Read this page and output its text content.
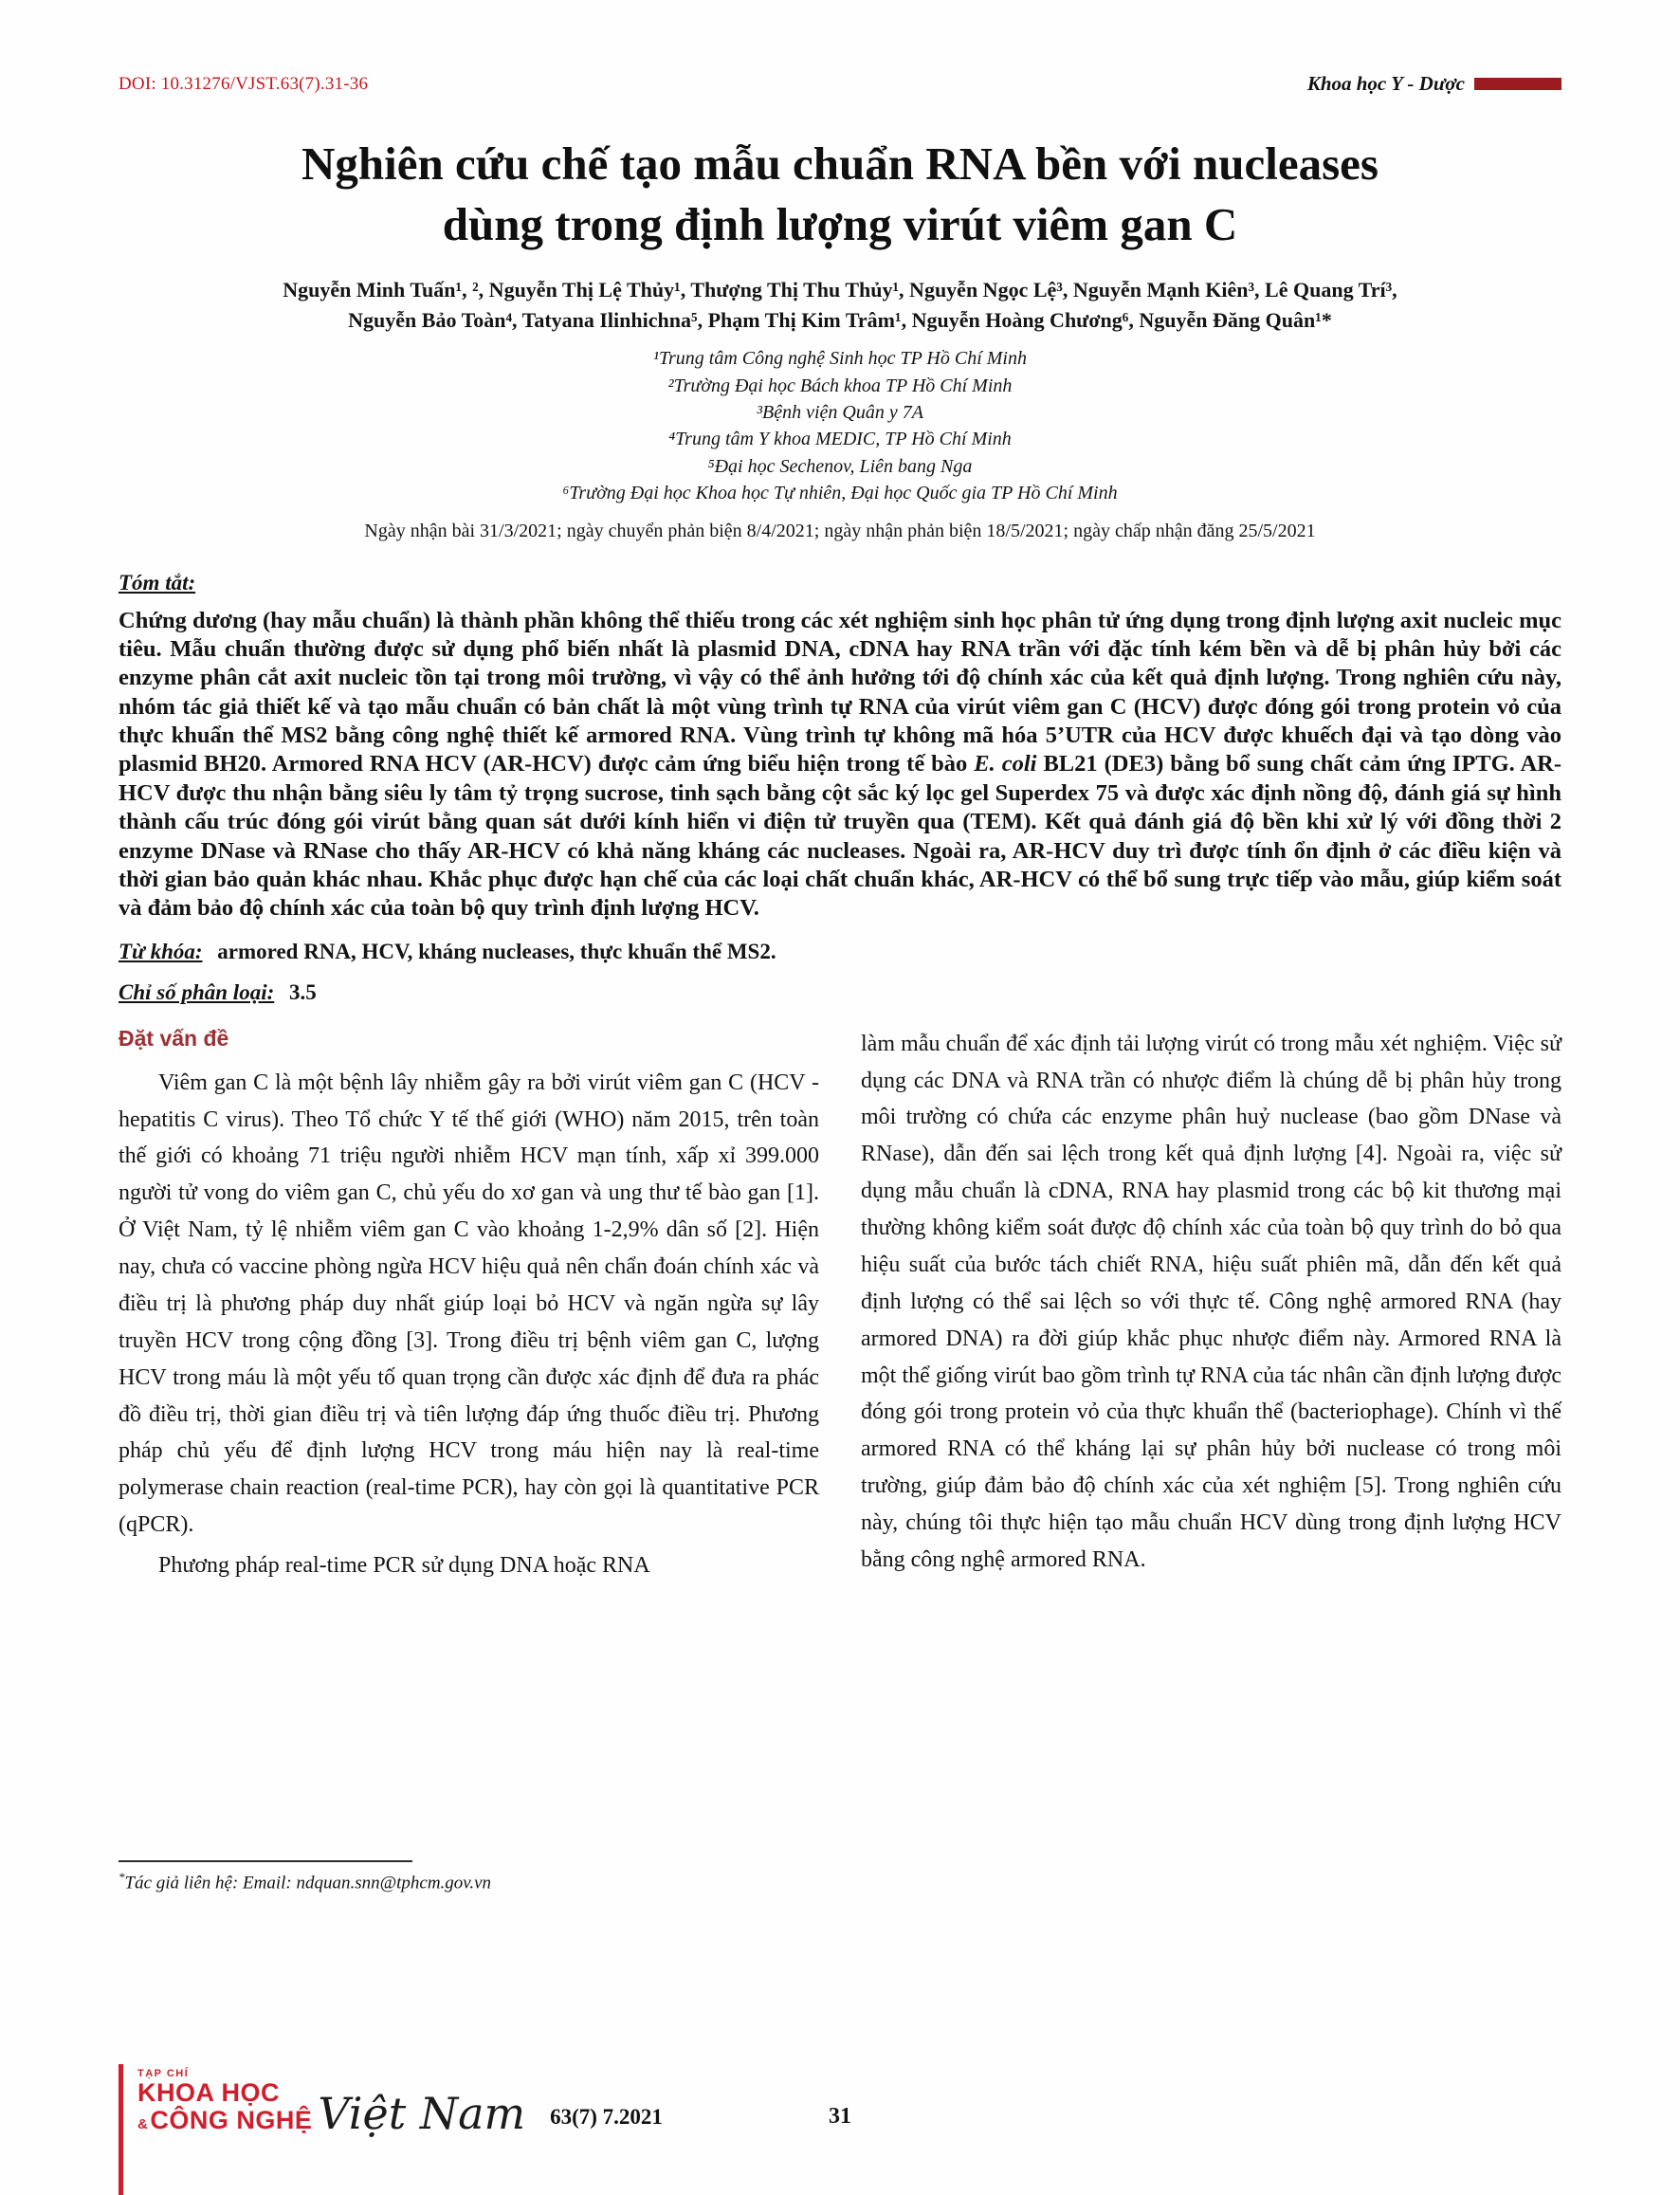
DOI: 10.31276/VJST.63(7).31-36	Khoa học Y - Dược
Nghiên cứu chế tạo mẫu chuẩn RNA bền với nucleases
dùng trong định lượng virút viêm gan C
Nguyễn Minh Tuấn¹, ², Nguyễn Thị Lệ Thủy¹, Thượng Thị Thu Thủy¹, Nguyễn Ngọc Lệ³, Nguyễn Mạnh Kiên³, Lê Quang Trí³,
Nguyễn Bảo Toàn⁴, Tatyana Ilinhichna⁵, Phạm Thị Kim Trâm¹, Nguyễn Hoàng Chương⁶, Nguyễn Đăng Quân¹*
¹Trung tâm Công nghệ Sinh học TP Hồ Chí Minh
²Trường Đại học Bách khoa TP Hồ Chí Minh
³Bệnh viện Quân y 7A
⁴Trung tâm Y khoa MEDIC, TP Hồ Chí Minh
⁵Đại học Sechenov, Liên bang Nga
⁶Trường Đại học Khoa học Tự nhiên, Đại học Quốc gia TP Hồ Chí Minh
Ngày nhận bài 31/3/2021; ngày chuyển phản biện 8/4/2021; ngày nhận phản biện 18/5/2021; ngày chấp nhận đăng 25/5/2021
Tóm tắt:

Chứng dương (hay mẫu chuẩn) là thành phần không thể thiếu trong các xét nghiệm sinh học phân tử ứng dụng trong định lượng axit nucleic mục tiêu. Mẫu chuẩn thường được sử dụng phổ biến nhất là plasmid DNA, cDNA hay RNA trần với đặc tính kém bền và dễ bị phân hủy bởi các enzyme phân cắt axit nucleic tồn tại trong môi trường, vì vậy có thể ảnh hưởng tới độ chính xác của kết quả định lượng. Trong nghiên cứu này, nhóm tác giả thiết kế và tạo mẫu chuẩn có bản chất là một vùng trình tự RNA của virút viêm gan C (HCV) được đóng gói trong protein vỏ của thực khuẩn thể MS2 bằng công nghệ thiết kế armored RNA. Vùng trình tự không mã hóa 5’UTR của HCV được khuếch đại và tạo dòng vào plasmid BH20. Armored RNA HCV (AR-HCV) được cảm ứng biểu hiện trong tế bào E. coli BL21 (DE3) bằng bổ sung chất cảm ứng IPTG. AR-HCV được thu nhận bằng siêu ly tâm tỷ trọng sucrose, tinh sạch bằng cột sắc ký lọc gel Superdex 75 và được xác định nồng độ, đánh giá sự hình thành cấu trúc đóng gói virút bằng quan sát dưới kính hiển vi điện tử truyền qua (TEM). Kết quả đánh giá độ bền khi xử lý với đồng thời 2 enzyme DNase và RNase cho thấy AR-HCV có khả năng kháng các nucleases. Ngoài ra, AR-HCV duy trì được tính ổn định ở các điều kiện và thời gian bảo quản khác nhau. Khắc phục được hạn chế của các loại chất chuẩn khác, AR-HCV có thể bổ sung trực tiếp vào mẫu, giúp kiểm soát và đảm bảo độ chính xác của toàn bộ quy trình định lượng HCV.

Từ khóa: armored RNA, HCV, kháng nucleases, thực khuẩn thể MS2.
Chỉ số phân loại: 3.5
Đặt vấn đề

Viêm gan C là một bệnh lây nhiễm gây ra bởi virút viêm gan C (HCV - hepatitis C virus). Theo Tổ chức Y tế thế giới (WHO) năm 2015, trên toàn thế giới có khoảng 71 triệu người nhiễm HCV mạn tính, xấp xỉ 399.000 người tử vong do viêm gan C, chủ yếu do xơ gan và ung thư tế bào gan [1]. Ở Việt Nam, tỷ lệ nhiễm viêm gan C vào khoảng 1-2,9% dân số [2]. Hiện nay, chưa có vaccine phòng ngừa HCV hiệu quả nên chẩn đoán chính xác và điều trị là phương pháp duy nhất giúp loại bỏ HCV và ngăn ngừa sự lây truyền HCV trong cộng đồng [3]. Trong điều trị bệnh viêm gan C, lượng HCV trong máu là một yếu tố quan trọng cần được xác định để đưa ra phác đồ điều trị, thời gian điều trị và tiên lượng đáp ứng thuốc điều trị. Phương pháp chủ yếu để định lượng HCV trong máu hiện nay là real-time polymerase chain reaction (real-time PCR), hay còn gọi là quantitative PCR (qPCR).

Phương pháp real-time PCR sử dụng DNA hoặc RNA

làm mẫu chuẩn để xác định tải lượng virút có trong mẫu xét nghiệm. Việc sử dụng các DNA và RNA trần có nhược điểm là chúng dễ bị phân hủy trong môi trường có chứa các enzyme phân huỷ nuclease (bao gồm DNase và RNase), dẫn đến sai lệch trong kết quả định lượng [4]. Ngoài ra, việc sử dụng mẫu chuẩn là cDNA, RNA hay plasmid trong các bộ kit thương mại thường không kiểm soát được độ chính xác của toàn bộ quy trình do bỏ qua hiệu suất của bước tách chiết RNA, hiệu suất phiên mã, dẫn đến kết quả định lượng có thể sai lệch so với thực tế. Công nghệ armored RNA (hay armored DNA) ra đời giúp khắc phục nhược điểm này. Armored RNA là một thể giống virút bao gồm trình tự RNA của tác nhân cần định lượng được đóng gói trong protein vỏ của thực khuẩn thể (bacteriophage). Chính vì thế armored RNA có thể kháng lại sự phân hủy bởi nuclease có trong môi trường, giúp đảm bảo độ chính xác của xét nghiệm [5]. Trong nghiên cứu này, chúng tôi thực hiện tạo mẫu chuẩn HCV dùng trong định lượng HCV bằng công nghệ armored RNA.

*Tác giả liên hệ: Email: ndquan.snn@tphcm.gov.vn
TẠP CHÍ
KHOA HỌC
&CÔNG NGHỆ Việt Nam 63(7) 7.2021	31
